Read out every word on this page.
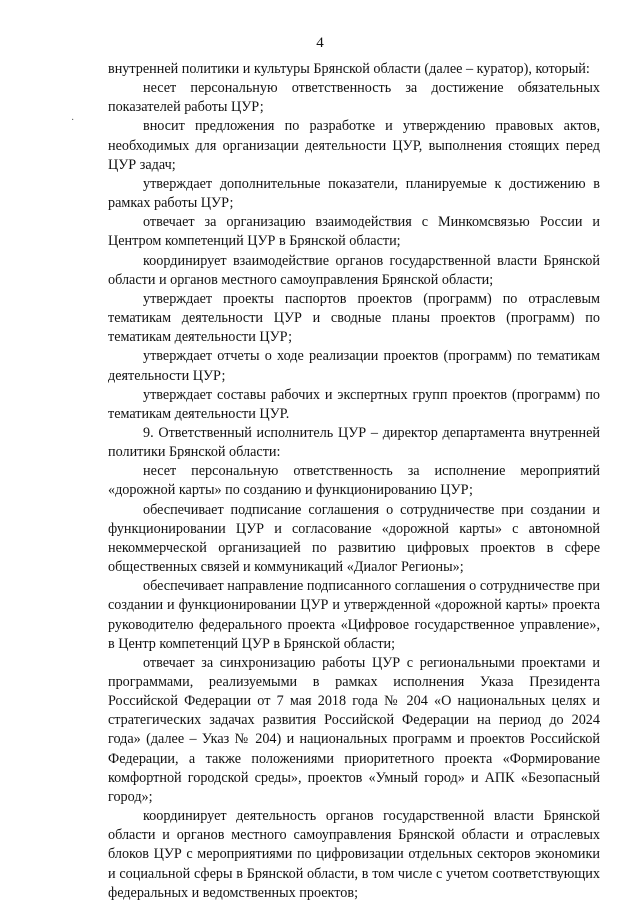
4
·

внутренней политики и культуры Брянской области (далее – куратор), который:

несет персональную ответственность за достижение обязательных показателей работы ЦУР;

вносит предложения по разработке и утверждению правовых актов, необходимых для организации деятельности ЦУР, выполнения стоящих перед ЦУР задач;

утверждает дополнительные показатели, планируемые к достижению в рамках работы ЦУР;

отвечает за организацию взаимодействия с Минкомсвязью России и Центром компетенций ЦУР в Брянской области;

координирует взаимодействие органов государственной власти Брянской области и органов местного самоуправления Брянской области;

утверждает проекты паспортов проектов (программ) по отраслевым тематикам деятельности ЦУР и сводные планы проектов (программ) по тематикам деятельности ЦУР;

утверждает отчеты о ходе реализации проектов (программ) по тематикам деятельности ЦУР;

утверждает составы рабочих и экспертных групп проектов (программ) по тематикам деятельности ЦУР.

9. Ответственный исполнитель ЦУР – директор департамента внутренней политики Брянской области:

несет персональную ответственность за исполнение мероприятий «дорожной карты» по созданию и функционированию ЦУР;

обеспечивает подписание соглашения о сотрудничестве при создании и функционировании ЦУР и согласование «дорожной карты» с автономной некоммерческой организацией по развитию цифровых проектов в сфере общественных связей и коммуникаций «Диалог Регионы»;

обеспечивает направление подписанного соглашения о сотрудничестве при создании и функционировании ЦУР и утвержденной «дорожной карты» проекта руководителю федерального проекта «Цифровое государственное управление», в Центр компетенций ЦУР в Брянской области;

отвечает за синхронизацию работы ЦУР с региональными проектами и программами, реализуемыми в рамках исполнения Указа Президента Российской Федерации от 7 мая 2018 года № 204 «О национальных целях и стратегических задачах развития Российской Федерации на период до 2024 года» (далее – Указ № 204) и национальных программ и проектов Российской Федерации, а также положениями приоритетного проекта «Формирование комфортной городской среды», проектов «Умный город» и АПК «Безопасный город»;

координирует деятельность органов государственной власти Брянской области и органов местного самоуправления Брянской области и отраслевых блоков ЦУР с мероприятиями по цифровизации отдельных секторов экономики и социальной сферы в Брянской области, в том числе с учетом соответствующих федеральных и ведомственных проектов;
